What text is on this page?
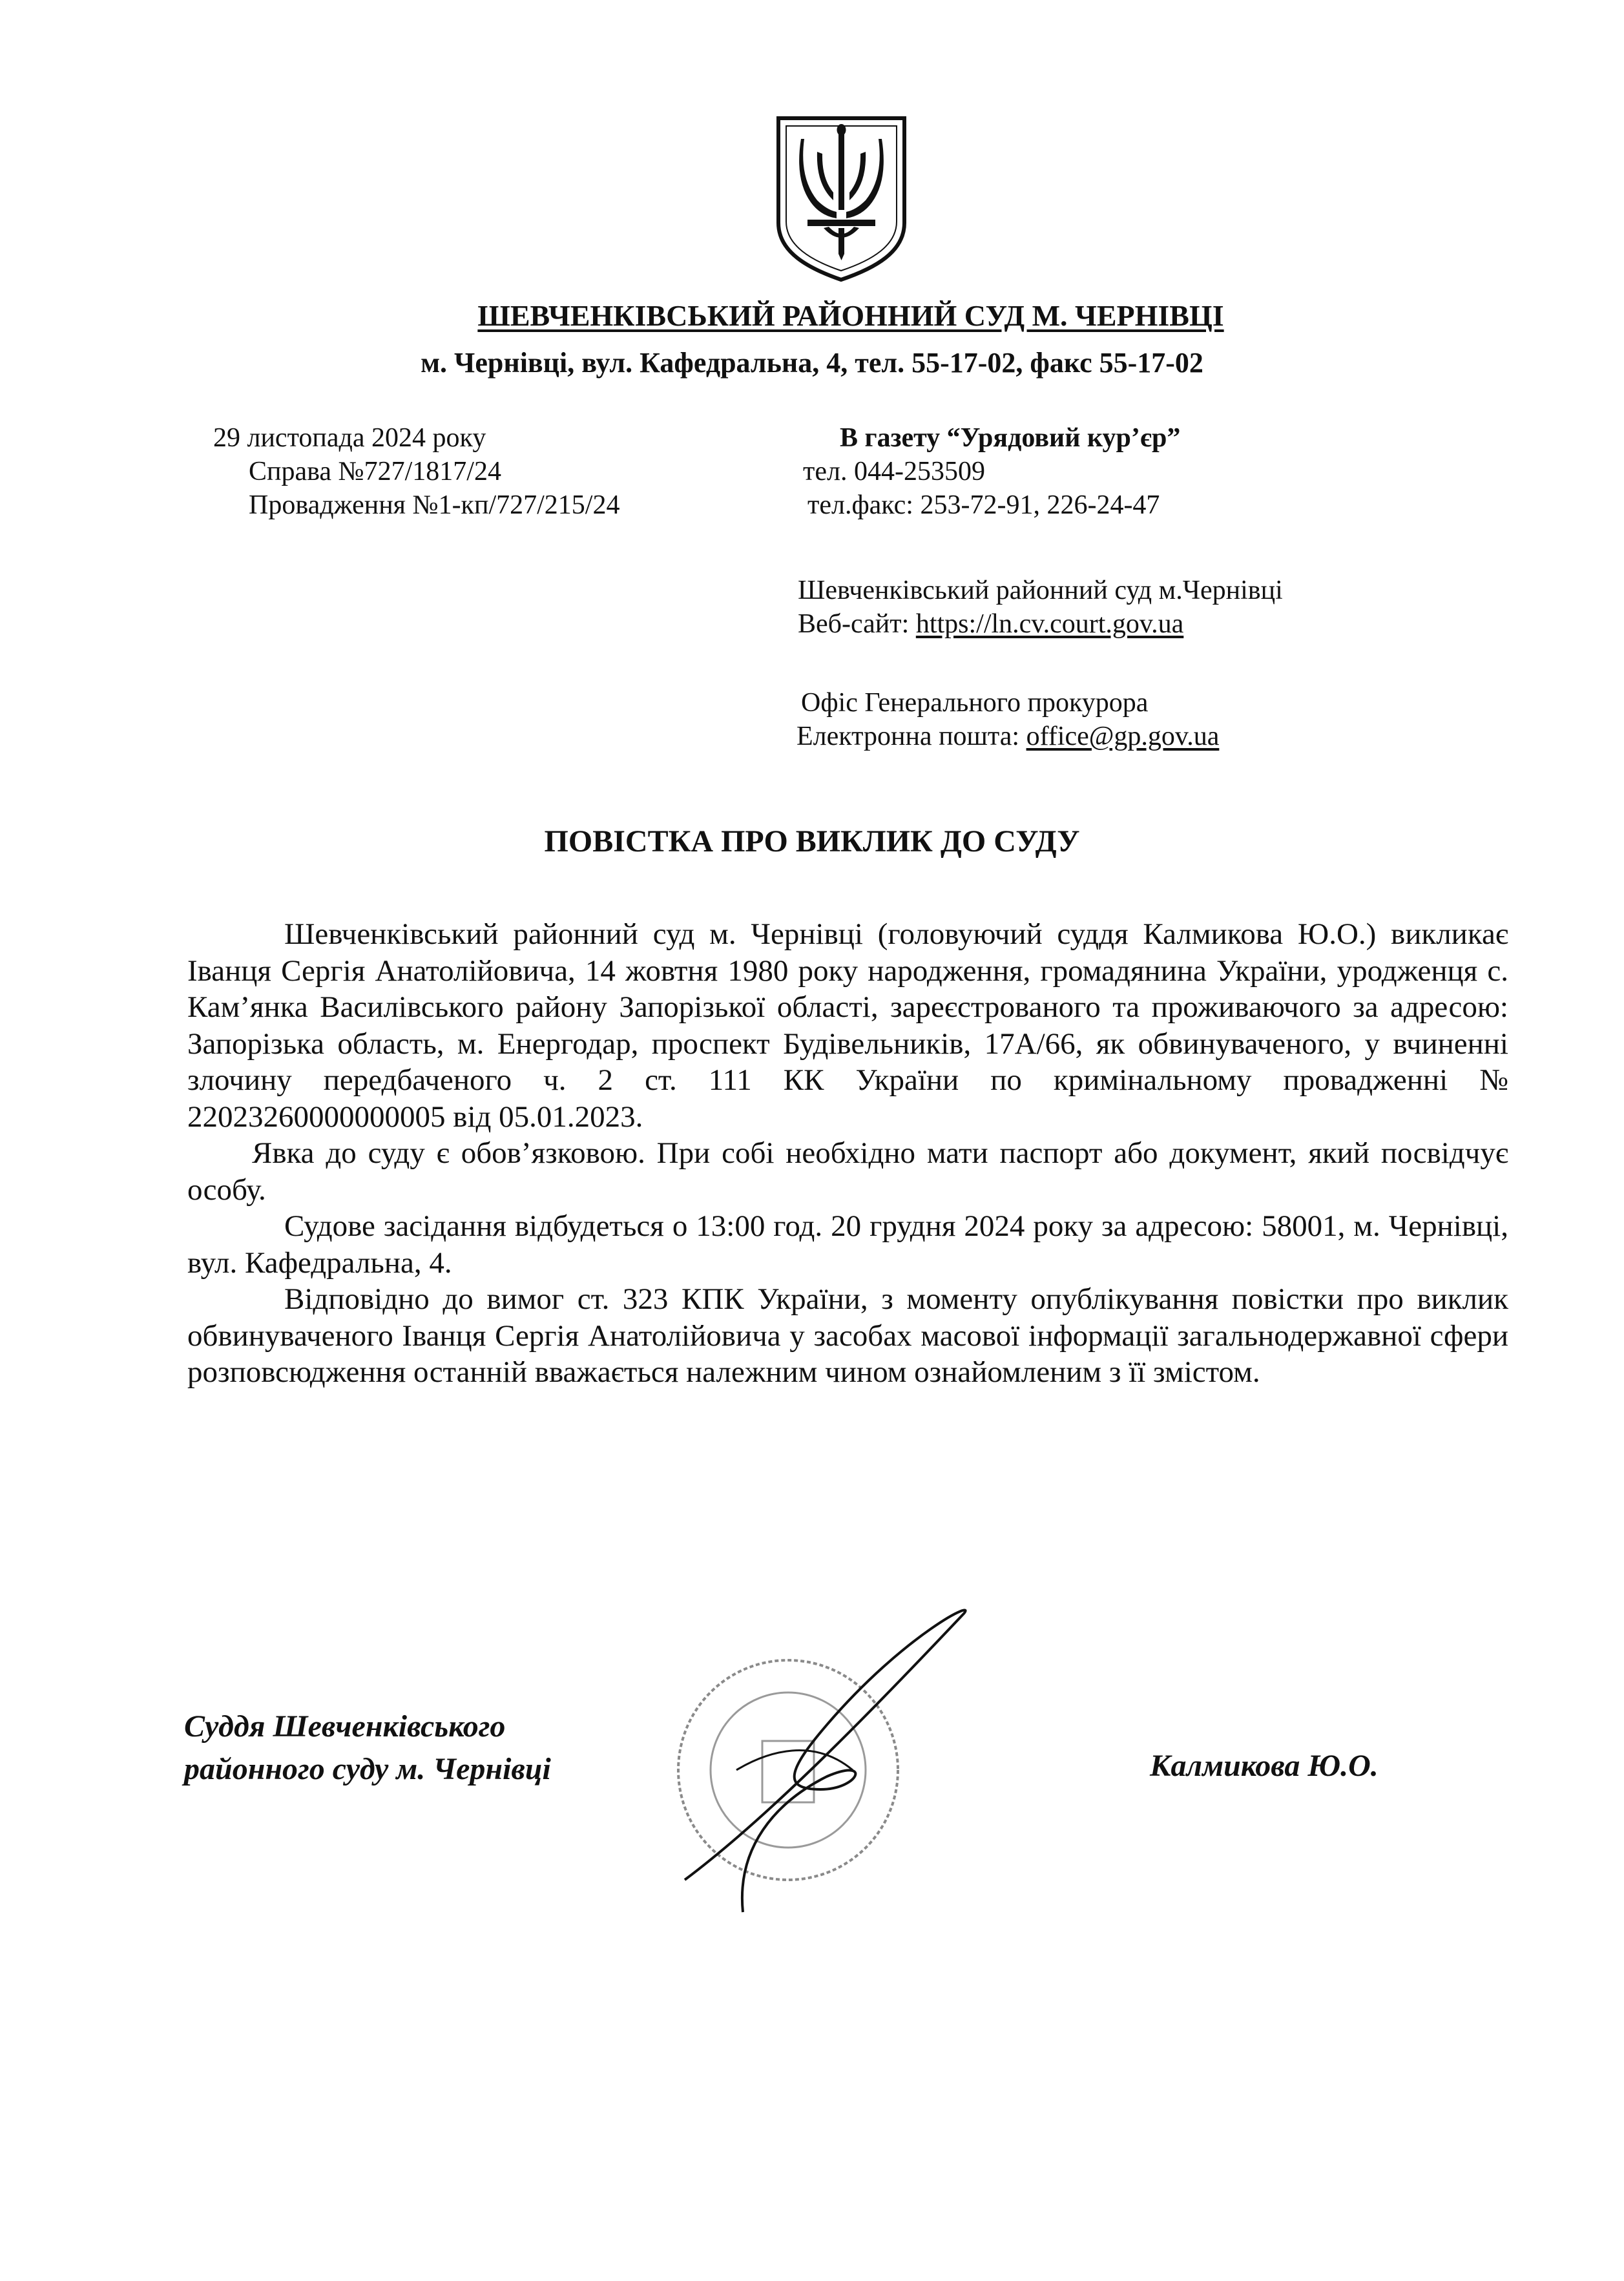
ШЕВЧЕНКІВСЬКИЙ РАЙОННИЙ СУД М. ЧЕРНІВЦІ
м. Чернівці, вул. Кафедральна, 4, тел. 55-17-02, факс 55-17-02
29 листопада 2024 року
Справа №727/1817/24
Провадження №1-кп/727/215/24
В газету “Урядовий кур’єр”
тел. 044-253509
тел.факс: 253-72-91, 226-24-47
Шевченківський районний суд м.Чернівці
Веб-сайт: https://ln.cv.court.gov.ua
Офіс Генерального прокурора
Електронна пошта: office@gp.gov.ua
ПОВІСТКА ПРО ВИКЛИК ДО СУДУ

Шевченківський районний суд м. Чернівці (головуючий суддя Калмикова Ю.О.) викликає Іванця Сергія Анатолійовича, 14 жовтня 1980 року народження, громадянина України, уродженця с. Кам’янка Василівського району Запорізької області, зареєстрованого та проживаючого за адресою: Запорізька область, м. Енергодар, проспект Будівельників, 17А/66, як обвинуваченого, у вчиненні злочину передбаченого ч. 2 ст. 111 КК України по кримінальному провадженні № 22023260000000005 від 05.01.2023.

Явка до суду є обов’язковою. При собі необхідно мати паспорт або документ, який посвідчує особу.

Судове засідання відбудеться о 13:00 год. 20 грудня 2024 року за адресою: 58001, м. Чернівці, вул. Кафедральна, 4.

Відповідно до вимог ст. 323 КПК України, з моменту опублікування повістки про виклик обвинуваченого Іванця Сергія Анатолійовича у засобах масової інформації загальнодержавної сфери розповсюдження останній вважається належним чином ознайомленим з її змістом.

Суддя Шевченківського
районного суду м. Чернівці	Калмикова Ю.О.
